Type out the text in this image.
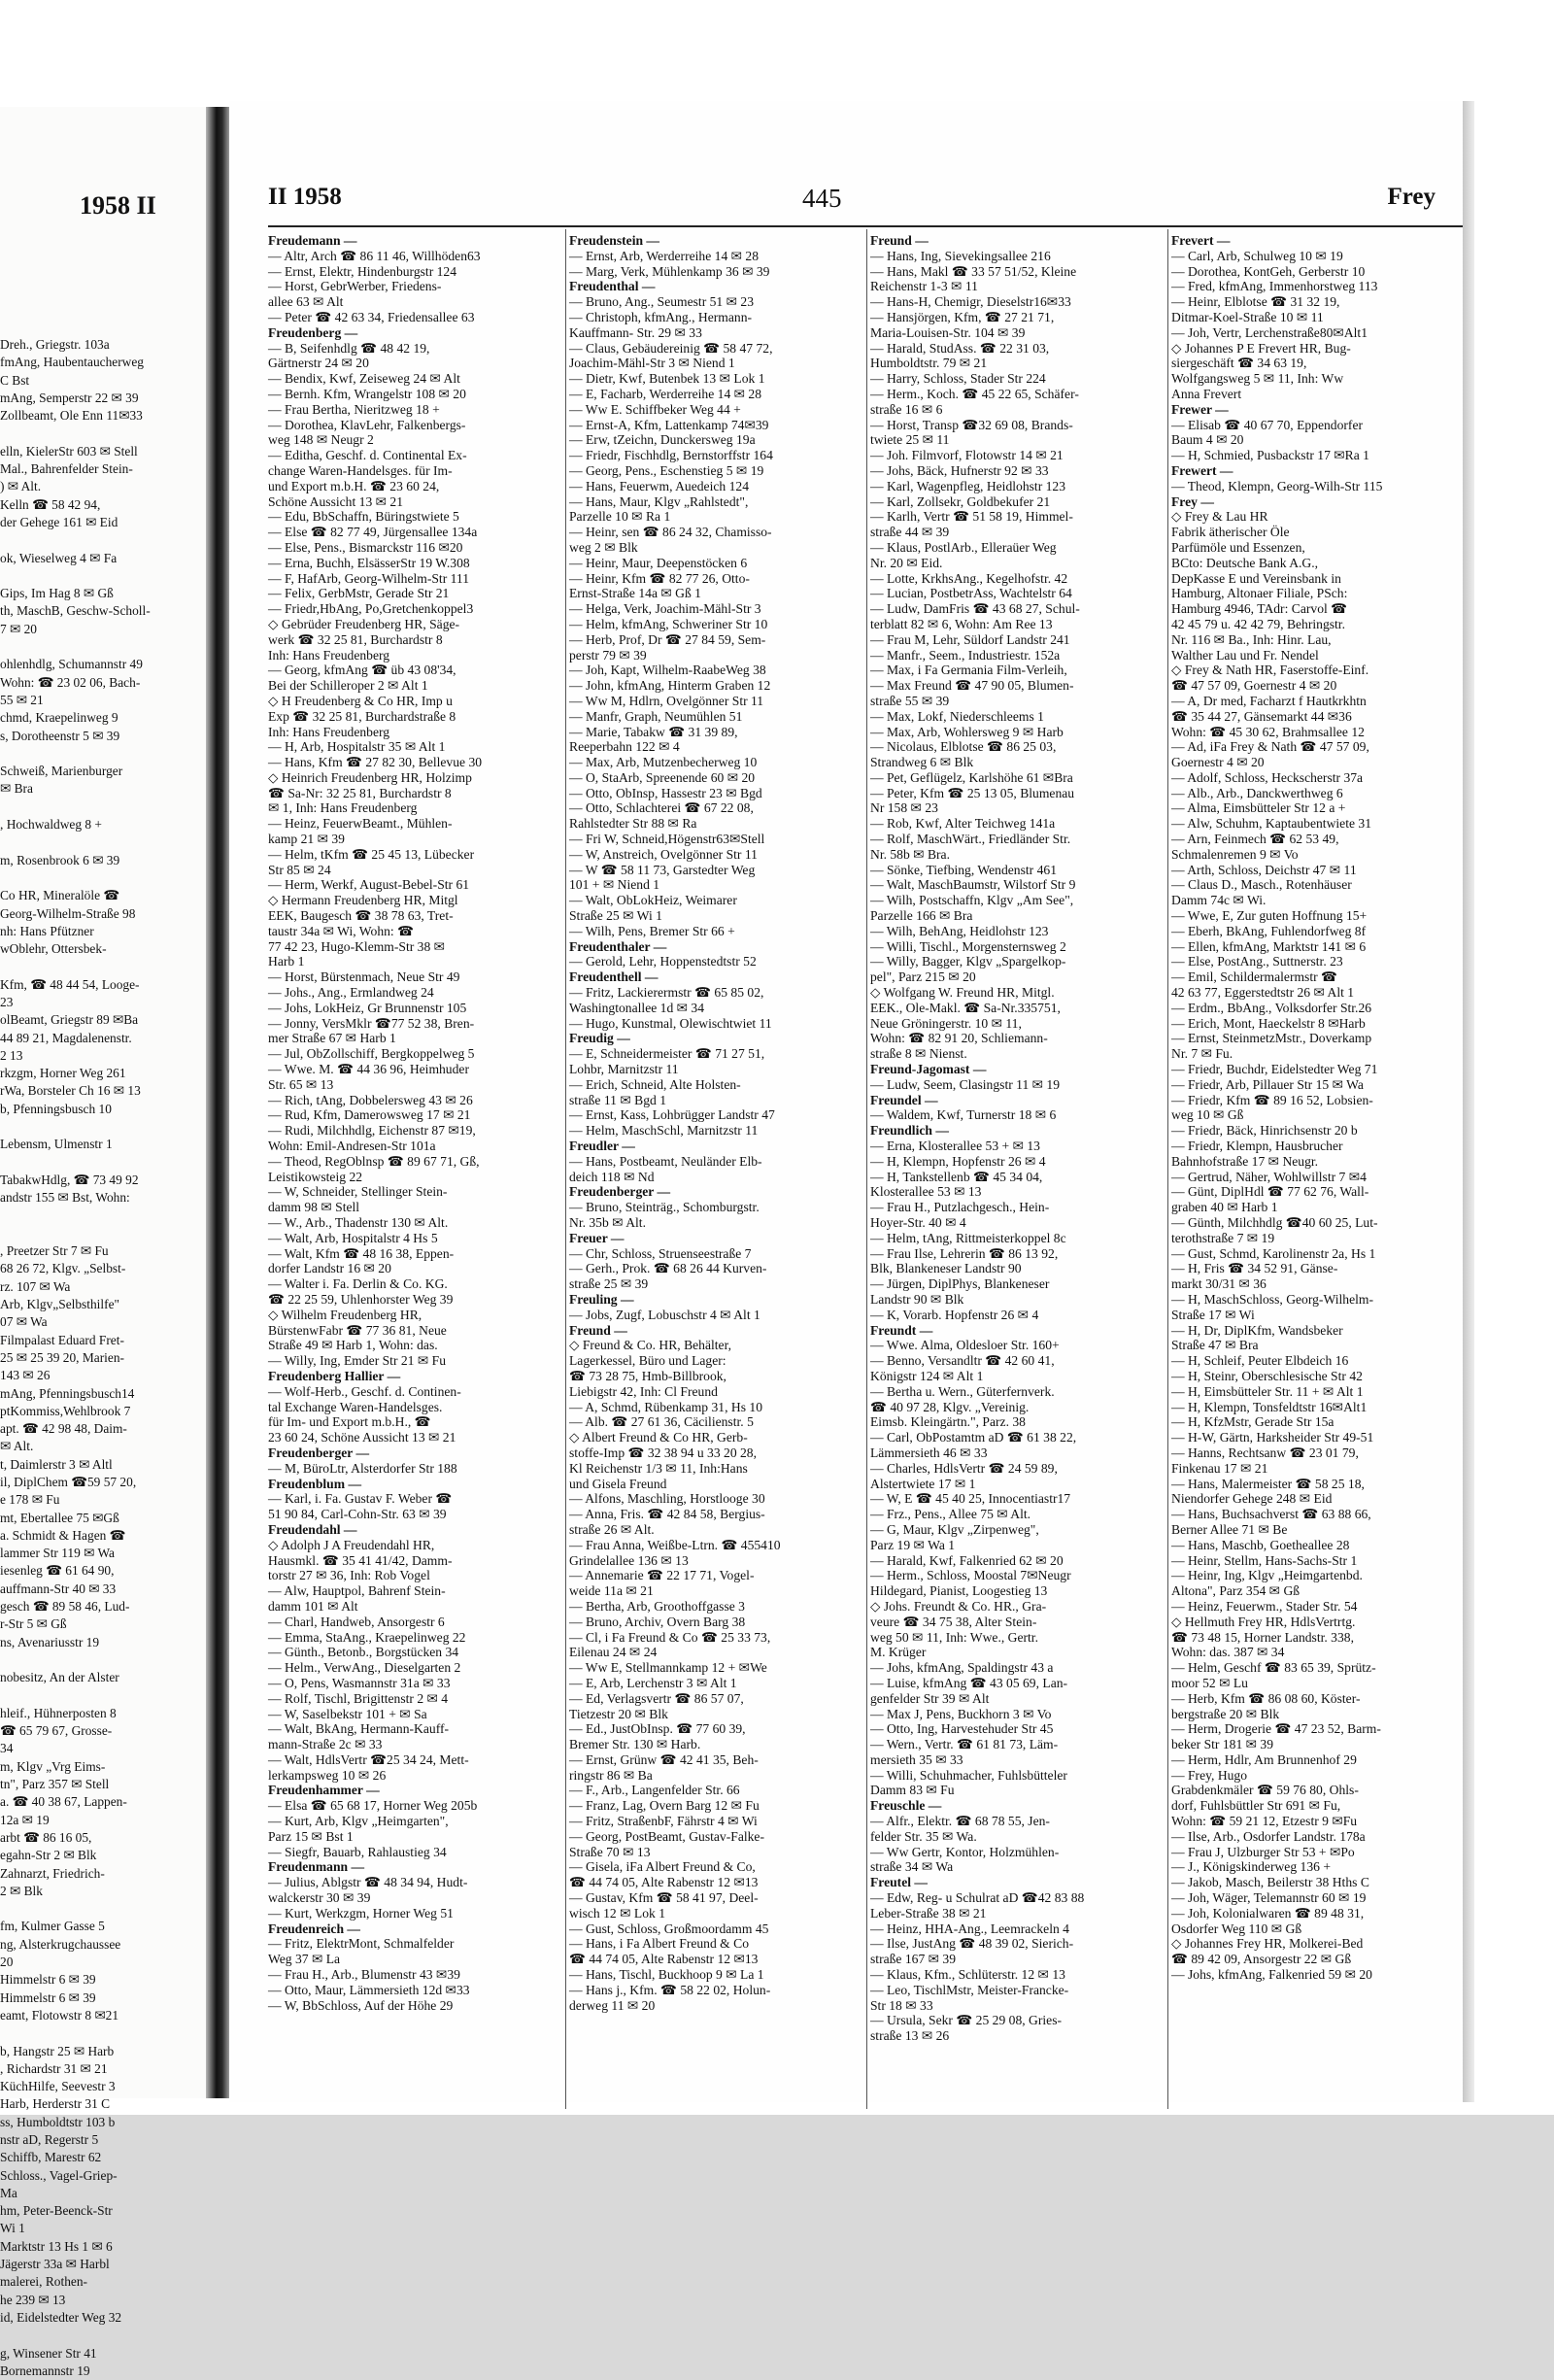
Dreh., Griegstr. 103a
fmAng, Haubentaucherweg
C Bst
mAng, Semperstr 22 ✉ 39
Zollbeamt, Ole Enn 11✉33
elln, KielerStr 603 ✉ Stell
Mal., Bahrenfelder Stein-
) ✉ Alt.
Kelln ☎ 58 42 94,
der Gehege 161 ✉ Eid
ok, Wieselweg 4 ✉ Fa
Gips, Im Hag 8 ✉ Gß
th, MaschB, Geschw-Scholl-
7 ✉ 20
ohlenhdlg, Schumannstr 49
Wohn: ☎ 23 02 06, Bach-
55 ✉ 21
chmd, Kraepelinweg 9
s, Dorotheenstr 5 ✉ 39
Schweiß, Marienburger
✉ Bra
, Hochwaldweg 8 +
m, Rosenbrook 6 ✉ 39
Co HR, Mineralöle ☎
Georg-Wilhelm-Straße 98
nh: Hans Pfützner
wOblehr, Ottersbek-
Kfm, ☎ 48 44 54, Looge-
23
olBeamt, Griegstr 89 ✉Ba
44 89 21, Magdalenenstr.
2 13
rkzgm, Horner Weg 261
rWa, Borsteler Ch 16 ✉ 13
b, Pfenningsbusch 10
Lebensm, Ulmenstr 1
TabakwHdlg, ☎ 73 49 92
andstr 155 ✉ Bst, Wohn:
, Preetzer Str 7 ✉ Fu
68 26 72, Klgv. „Selbst-
rz. 107 ✉ Wa
Arb, Klgv„Selbsthilfe"
07 ✉ Wa
Filmpalast Eduard Fret-
25 ✉ 25 39 20, Marien-
143 ✉ 26
mAng, Pfenningsbusch14
ptKommiss,Wehlbrook 7
apt. ☎ 42 98 48, Daim-
✉ Alt.
t, Daimlerstr 3 ✉ Altl
il, DiplChem ☎59 57 20,
e 178 ✉ Fu
mt, Ebertallee 75 ✉Gß
a. Schmidt & Hagen ☎
lammer Str 119 ✉ Wa
iesenleg ☎ 61 64 90,
auffmann-Str 40 ✉ 33
gesch ☎ 89 58 46, Lud-
r-Str 5 ✉ Gß
ns, Avenariusstr 19
nobesitz, An der Alster
hleif., Hühnerposten 8
☎ 65 79 67, Grosse-
34
m, Klgv „Vrg Eims-
tn", Parz 357 ✉ Stell
a. ☎ 40 38 67, Lappen-
12a ✉ 19
arbt ☎ 86 16 05,
egahn-Str 2 ✉ Blk
Zahnarzt, Friedrich-
2 ✉ Blk
fm, Kulmer Gasse 5
ng, Alsterkrugchaussee
20
Himmelstr 6 ✉ 39
Himmelstr 6 ✉ 39
eamt, Flotowstr 8 ✉21
b, Hangstr 25 ✉ Harb
, Richardstr 31 ✉ 21
KüchHilfe, Seevestr 3
Harb, Herderstr 31 C
ss, Humboldtstr 103 b
nstr aD, Regerstr 5
Schiffb, Marestr 62
Schloss., Vagel-Griep-
Ma
hm, Peter-Beenck-Str
Wi 1
Marktstr 13 Hs 1 ✉ 6
Jägerstr 33a ✉ Harbl
malerei, Rothen-
he 239 ✉ 13
id, Eidelstedter Weg 32
g, Winsener Str 41
Bornemannstr 19
1958 II	II 1958	445	Frey
Freudemann —
— Altr, Arch ☎ 86 11 46, Willhöden63
— Ernst, Elektr, Hindenburgstr 124
— Horst, GebrWerber, Friedens-
allee 63 ✉ Alt
— Peter ☎ 42 63 34, Friedensallee 63
Freudenberg —
— B, Seifenhdlg ☎ 48 42 19,
Gärtnerstr 24 ✉ 20
— Bendix, Kwf, Zeiseweg 24 ✉ Alt
— Bernh. Kfm, Wrangelstr 108 ✉ 20
— Frau Bertha, Nieritzweg 18 +
— Dorothea, KlavLehr, Falkenbergs-
weg 148 ✉ Neugr 2
— Editha, Geschf. d. Continental Ex-
change Waren-Handelsges. für Im-
und Export m.b.H. ☎ 23 60 24,
Schöne Aussicht 13 ✉ 21
— Edu, BbSchaffn, Büringstwiete 5
— Else ☎ 82 77 49, Jürgensallee 134a
— Else, Pens., Bismarckstr 116 ✉20
— Erna, Buchh, ElsässerStr 19 W.308
— F, HafArb, Georg-Wilhelm-Str 111
— Felix, GerbMstr, Gerade Str 21
— Friedr,HbAng, Po,Gretchenkoppel3
◇ Gebrüder Freudenberg HR, Säge-
werk ☎ 32 25 81, Burchardstr 8
Inh: Hans Freudenberg
— Georg, kfmAng ☎ üb 43 08'34,
Bei der Schilleroper 2 ✉ Alt 1
◇ H Freudenberg & Co HR, Imp u
Exp ☎ 32 25 81, Burchardstraße 8
Inh: Hans Freudenberg
— H, Arb, Hospitalstr 35 ✉ Alt 1
— Hans, Kfm ☎ 27 82 30, Bellevue 30
◇ Heinrich Freudenberg HR, Holzimp
☎ Sa-Nr: 32 25 81, Burchardstr 8
✉ 1, Inh: Hans Freudenberg
— Heinz, FeuerwBeamt., Mühlen-
kamp 21 ✉ 39
— Helm, tKfm ☎ 25 45 13, Lübecker
Str 85 ✉ 24
— Herm, Werkf, August-Bebel-Str 61
◇ Hermann Freudenberg HR, Mitgl
EEK, Baugesch ☎ 38 78 63, Tret-
taustr 34a ✉ Wi, Wohn: ☎
77 42 23, Hugo-Klemm-Str 38 ✉
Harb 1
— Horst, Bürstenmach, Neue Str 49
— Johs., Ang., Ermlandweg 24
— Johs, LokHeiz, Gr Brunnenstr 105
— Jonny, VersMklr ☎77 52 38, Bren-
mer Straße 67 ✉ Harb 1
— Jul, ObZollschiff, Bergkoppelweg 5
— Wwe. M. ☎ 44 36 96, Heimhuder
Str. 65 ✉ 13
— Rich, tAng, Dobbelersweg 43 ✉ 26
— Rud, Kfm, Damerowsweg 17 ✉ 21
— Rudi, Milchhdlg, Eichenstr 87 ✉19,
Wohn: Emil-Andresen-Str 101a
— Theod, RegOblnsp ☎ 89 67 71, Gß,
Leistikowsteig 22
— W, Schneider, Stellinger Stein-
damm 98 ✉ Stell
— W., Arb., Thadenstr 130 ✉ Alt.
— Walt, Arb, Hospitalstr 4 Hs 5
— Walt, Kfm ☎ 48 16 38, Eppen-
dorfer Landstr 16 ✉ 20
— Walter i. Fa. Derlin & Co. KG.
☎ 22 25 59, Uhlenhorster Weg 39
◇ Wilhelm Freudenberg HR,
BürstenwFabr ☎ 77 36 81, Neue
Straße 49 ✉ Harb 1, Wohn: das.
— Willy, Ing, Emder Str 21 ✉ Fu
Freudenberg Hallier —
— Wolf-Herb., Geschf. d. Continen-
tal Exchange Waren-Handelsges.
für Im- und Export m.b.H., ☎
23 60 24, Schöne Aussicht 13 ✉ 21
Freudenberger —
— M, BüroLtr, Alsterdorfer Str 188
Freudenblum —
— Karl, i. Fa. Gustav F. Weber ☎
51 90 84, Carl-Cohn-Str. 63 ✉ 39
Freudendahl —
◇ Adolph J A Freudendahl HR,
Hausmkl. ☎ 35 41 41/42, Damm-
torstr 27 ✉ 36, Inh: Rob Vogel
— Alw, Hauptpol, Bahrenf Stein-
damm 101 ✉ Alt
— Charl, Handweb, Ansorgestr 6
— Emma, StaAng., Kraepelinweg 22
— Günth., Betonb., Borgstücken 34
— Helm., VerwAng., Dieselgarten 2
— O, Pens, Wasmannstr 31a ✉ 33
— Rolf, Tischl, Brigittenstr 2 ✉ 4
— W, Saselbekstr 101 + ✉ Sa
— Walt, BkAng, Hermann-Kauff-
mann-Straße 2c ✉ 33
— Walt, HdlsVertr ☎25 34 24, Mett-
lerkampsweg 10 ✉ 26
Freudenhammer —
— Elsa ☎ 65 68 17, Horner Weg 205b
— Kurt, Arb, Klgv „Heimgarten",
Parz 15 ✉ Bst 1
— Siegfr, Bauarb, Rahlaustieg 34
Freudenmann —
— Julius, Ablgstr ☎ 48 34 94, Hudt-
walckerstr 30 ✉ 39
— Kurt, Werkzgm, Horner Weg 51
Freudenreich —
— Fritz, ElektrMont, Schmalfelder
Weg 37 ✉ La
— Frau H., Arb., Blumenstr 43 ✉39
— Otto, Maur, Lämmersieth 12d ✉33
— W, BbSchloss, Auf der Höhe 29
Freudenstein —
— Ernst, Arb, Werderreihe 14 ✉ 28
— Marg, Verk, Mühlenkamp 36 ✉ 39
Freudenthal —
— Bruno, Ang., Seumestr 51 ✉ 23
— Christoph, kfmAng., Hermann-
Kauffmann- Str. 29 ✉ 33
— Claus, Gebäudereinig ☎ 58 47 72,
Joachim-Mähl-Str 3 ✉ Niend 1
— Dietr, Kwf, Butenbek 13 ✉ Lok 1
— E, Facharb, Werderreihe 14 ✉ 28
— Ww E. Schiffbeker Weg 44 +
— Ernst-A, Kfm, Lattenkamp 74✉39
— Erw, tZeichn, Dunckersweg 19a
— Friedr, Fischhdlg, Bernstorffstr 164
— Georg, Pens., Eschenstieg 5 ✉ 19
— Hans, Feuerwm, Auedeich 124
— Hans, Maur, Klgv „Rahlstedt",
Parzelle 10 ✉ Ra 1
— Heinr, sen ☎ 86 24 32, Chamisso-
weg 2 ✉ Blk
— Heinr, Maur, Deepenstöcken 6
— Heinr, Kfm ☎ 82 77 26, Otto-
Ernst-Straße 14a ✉ Gß 1
— Helga, Verk, Joachim-Mähl-Str 3
— Helm, kfmAng, Schweriner Str 10
— Herb, Prof, Dr ☎ 27 84 59, Sem-
perstr 79 ✉ 39
— Joh, Kapt, Wilhelm-RaabeWeg 38
— John, kfmAng, Hinterm Graben 12
— Ww M, Hdlrn, Ovelgönner Str 11
— Manfr, Graph, Neumühlen 51
— Marie, Tabakw ☎ 31 39 89,
Reeperbahn 122 ✉ 4
— Max, Arb, Mutzenbecherweg 10
— O, StaArb, Spreenende 60 ✉ 20
— Otto, ObInsp, Hassestr 23 ✉ Bgd
— Otto, Schlachterei ☎ 67 22 08,
Rahlstedter Str 88 ✉ Ra
— Fri W, Schneid,Högenstr63✉Stell
— W, Anstreich, Ovelgönner Str 11
— W ☎ 58 11 73, Garstedter Weg
101 + ✉ Niend 1
— Walt, ObLokHeiz, Weimarer
Straße 25 ✉ Wi 1
— Wilh, Pens, Bremer Str 66 +
Freudenthaler —
— Gerold, Lehr, Hoppenstedtstr 52
Freudenthell —
— Fritz, Lackierermstr ☎ 65 85 02,
Washingtonallee 1d ✉ 34
— Hugo, Kunstmal, Olewischtwiet 11
Freudig —
— E, Schneidermeister ☎ 71 27 51,
Lohbr, Marnitzstr 11
— Erich, Schneid, Alte Holsten-
straße 11 ✉ Bgd 1
— Ernst, Kass, Lohbrügger Landstr 47
— Helm, MaschSchl, Marnitzstr 11
Freudler —
— Hans, Postbeamt, Neuländer Elb-
deich 118 ✉ Nd
Freudenberger —
— Bruno, Steinträg., Schomburgstr.
Nr. 35b ✉ Alt.
Freuer —
— Chr, Schloss, Struenseestraße 7
— Gerh., Prok. ☎ 68 26 44 Kurven-
straße 25 ✉ 39
Freuling —
— Jobs, Zugf, Lobuschstr 4 ✉ Alt 1
Freund —
◇ Freund & Co. HR, Behälter,
Lagerkessel, Büro und Lager:
☎ 73 28 75, Hmb-Billbrook,
Liebigstr 42, Inh: Cl Freund
— A, Schmd, Rübenkamp 31, Hs 10
— Alb. ☎ 27 61 36, Cäcilienstr. 5
◇ Albert Freund & Co HR, Gerb-
stoffe-Imp ☎ 32 38 94 u 33 20 28,
Kl Reichenstr 1/3 ✉ 11, Inh:Hans
und Gisela Freund
— Alfons, Maschling, Horstlooge 30
— Anna, Fris. ☎ 42 84 58, Bergius-
straße 26 ✉ Alt.
— Frau Anna, Weißbe-Ltrn. ☎ 455410
Grindelallee 136 ✉ 13
— Annemarie ☎ 22 17 71, Vogel-
weide 11a ✉ 21
— Bertha, Arb, Groothoffgasse 3
— Bruno, Archiv, Overn Barg 38
— Cl, i Fa Freund & Co ☎ 25 33 73,
Eilenau 24 ✉ 24
— Ww E, Stellmannkamp 12 + ✉We
— E, Arb, Lerchenstr 3 ✉ Alt 1
— Ed, Verlagsvertr ☎ 86 57 07,
Tietzestr 20 ✉ Blk
— Ed., JustObInsp. ☎ 77 60 39,
Bremer Str. 130 ✉ Harb.
— Ernst, Grünw ☎ 42 41 35, Beh-
ringstr 86 ✉ Ba
— F., Arb., Langenfelder Str. 66
— Franz, Lag, Overn Barg 12 ✉ Fu
— Fritz, StraßenbF, Fährstr 4 ✉ Wi
— Georg, PostBeamt, Gustav-Falke-
Straße 70 ✉ 13
— Gisela, iFa Albert Freund & Co,
☎ 44 74 05, Alte Rabenstr 12 ✉13
— Gustav, Kfm ☎ 58 41 97, Deel-
wisch 12 ✉ Lok 1
— Gust, Schloss, Großmoordamm 45
— Hans, i Fa Albert Freund & Co
☎ 44 74 05, Alte Rabenstr 12 ✉13
— Hans, Tischl, Buckhoop 9 ✉ La 1
— Hans j., Kfm. ☎ 58 22 02, Holun-
derweg 11 ✉ 20
Freund —
— Hans, Ing, Sievekingsallee 216
— Hans, Makl ☎ 33 57 51/52, Kleine
Reichenstr 1-3 ✉ 11
— Hans-H, Chemigr, Dieselstr16✉33
— Hansjörgen, Kfm, ☎ 27 21 71,
Maria-Louisen-Str. 104 ✉ 39
— Harald, StudAss. ☎ 22 31 03,
Humboldtstr. 79 ✉ 21
— Harry, Schloss, Stader Str 224
— Herm., Koch. ☎ 45 22 65, Schäfer-
straße 16 ✉ 6
— Horst, Transp ☎32 69 08, Brands-
twiete 25 ✉ 11
— Joh. Filmvorf, Flotowstr 14 ✉ 21
— Johs, Bäck, Hufnerstr 92 ✉ 33
— Karl, Wagenpfleg, Heidlohstr 123
— Karl, Zollsekr, Goldbekufer 21
— Karlh, Vertr ☎ 51 58 19, Himmel-
straße 44 ✉ 39
— Klaus, PostlArb., Elleraüer Weg
Nr. 20 ✉ Eid.
— Lotte, KrkhsAng., Kegelhofstr. 42
— Lucian, PostbetrAss, Wachtelstr 64
— Ludw, DamFris ☎ 43 68 27, Schul-
terblatt 82 ✉ 6, Wohn: Am Ree 13
— Frau M, Lehr, Süldorf Landstr 241
— Manfr., Seem., Industriestr. 152a
— Max, i Fa Germania Film-Verleih,
— Max Freund ☎ 47 90 05, Blumen-
straße 55 ✉ 39
— Max, Lokf, Niederschleems 1
— Max, Arb, Wohlersweg 9 ✉ Harb
— Nicolaus, Elblotse ☎ 86 25 03,
Strandweg 6 ✉ Blk
— Pet, Geflügelz, Karlshöhe 61 ✉Bra
— Peter, Kfm ☎ 25 13 05, Blumenau
Nr 158 ✉ 23
— Rob, Kwf, Alter Teichweg 141a
— Rolf, MaschWärt., Friedländer Str.
Nr. 58b ✉ Bra.
— Sönke, Tiefbing, Wendenstr 461
— Walt, MaschBaumstr, Wilstorf Str 9
— Wilh, Postschaffn, Klgv „Am See",
Parzelle 166 ✉ Bra
— Wilh, BehAng, Heidlohstr 123
— Willi, Tischl., Morgensternsweg 2
— Willy, Bagger, Klgv „Spargelkop-
pel", Parz 215 ✉ 20
◇ Wolfgang W. Freund HR, Mitgl.
EEK., Ole-Makl. ☎ Sa-Nr.335751,
Neue Gröningerstr. 10 ✉ 11,
Wohn: ☎ 82 91 20, Schliemann-
straße 8 ✉ Nienst.
Freund-Jagomast —
— Ludw, Seem, Clasingstr 11 ✉ 19
Freundel —
— Waldem, Kwf, Turnerstr 18 ✉ 6
Freundlich —
— Erna, Klosterallee 53 + ✉ 13
— H, Klempn, Hopfenstr 26 ✉ 4
— H, Tankstellenb ☎ 45 34 04,
Klosterallee 53 ✉ 13
— Frau H., Putzlachgesch., Hein-
Hoyer-Str. 40 ✉ 4
— Helm, tAng, Rittmeisterkoppel 8c
— Frau Ilse, Lehrerin ☎ 86 13 92,
Blk, Blankeneser Landstr 90
— Jürgen, DiplPhys, Blankeneser
Landstr 90 ✉ Blk
— K, Vorarb. Hopfenstr 26 ✉ 4
Freundt —
— Wwe. Alma, Oldesloer Str. 160+
— Benno, Versandltr ☎ 42 60 41,
Königstr 124 ✉ Alt 1
— Bertha u. Wern., Güterfernverk.
☎ 40 97 28, Klgv. „Vereinig.
Eimsb. Kleingärtn.", Parz. 38
— Carl, ObPostamtm aD ☎ 61 38 22,
Lämmersieth 46 ✉ 33
— Charles, HdlsVertr ☎ 24 59 89,
Alstertwiete 17 ✉ 1
— W, E ☎ 45 40 25, Innocentiastr17
— Frz., Pens., Allee 75 ✉ Alt.
— G, Maur, Klgv „Zirpenweg",
Parz 19 ✉ Wa 1
— Harald, Kwf, Falkenried 62 ✉ 20
— Herm., Schloss, Moostal 7✉Neugr
Hildegard, Pianist, Loogestieg 13
◇ Johs. Freundt & Co. HR., Gra-
veure ☎ 34 75 38, Alter Stein-
weg 50 ✉ 11, Inh: Wwe., Gertr.
M. Krüger
— Johs, kfmAng, Spaldingstr 43 a
— Luise, kfmAng ☎ 43 05 69, Lan-
genfelder Str 39 ✉ Alt
— Max J, Pens, Buckhorn 3 ✉ Vo
— Otto, Ing, Harvestehuder Str 45
— Wern., Vertr. ☎ 61 81 73, Läm-
mersieth 35 ✉ 33
— Willi, Schuhmacher, Fuhlsbütteler
Damm 83 ✉ Fu
Freuschle —
— Alfr., Elektr. ☎ 68 78 55, Jen-
felder Str. 35 ✉ Wa.
— Ww Gertr, Kontor, Holzmühlen-
straße 34 ✉ Wa
Freutel —
— Edw, Reg- u Schulrat aD ☎42 83 88
Leber-Straße 38 ✉ 21
— Heinz, HHA-Ang., Leemrackeln 4
— Ilse, JustAng ☎ 48 39 02, Sierich-
straße 167 ✉ 39
— Klaus, Kfm., Schlüterstr. 12 ✉ 13
— Leo, TischlMstr, Meister-Francke-
Str 18 ✉ 33
— Ursula, Sekr ☎ 25 29 08, Gries-
straße 13 ✉ 26
Frevert —
— Carl, Arb, Schulweg 10 ✉ 19
— Dorothea, KontGeh, Gerberstr 10
— Fred, kfmAng, Immenhorstweg 113
— Heinr, Elblotse ☎ 31 32 19,
Ditmar-Koel-Straße 10 ✉ 11
— Joh, Vertr, Lerchenstraße80✉Alt1
◇ Johannes P E Frevert HR, Bug-
siergeschäft ☎ 34 63 19,
Wolfgangsweg 5 ✉ 11, Inh: Ww
Anna Frevert
Frewer —
— Elisab ☎ 40 67 70, Eppendorfer
Baum 4 ✉ 20
— H, Schmied, Pusbackstr 17 ✉Ra 1
Frewert —
— Theod, Klempn, Georg-Wilh-Str 115
Frey —
◇ Frey & Lau HR
Fabrik ätherischer Öle
Parfümöle und Essenzen,
BCto: Deutsche Bank A.G.,
DepKasse E und Vereinsbank in
Hamburg, Altonaer Filiale, PSch:
Hamburg 4946, TAdr: Carvol ☎
42 45 79 u. 42 42 79, Behringstr.
Nr. 116 ✉ Ba., Inh: Hinr. Lau,
Walther Lau und Fr. Nendel
◇ Frey & Nath HR, Faserstoffe-Einf.
☎ 47 57 09, Goernestr 4 ✉ 20
— A, Dr med, Facharzt f Hautkrkhtn
☎ 35 44 27, Gänsemarkt 44 ✉36
Wohn: ☎ 45 30 62, Brahmsallee 12
— Ad, iFa Frey & Nath ☎ 47 57 09,
Goernestr 4 ✉ 20
— Adolf, Schloss, Heckscherstr 37a
— Alb., Arb., Danckwerthweg 6
— Alma, Eimsbütteler Str 12 a +
— Alw, Schuhm, Kaptaubentwiete 31
— Arn, Feinmech ☎ 62 53 49,
Schmalenremen 9 ✉ Vo
— Arth, Schloss, Deichstr 47 ✉ 11
— Claus D., Masch., Rotenhäuser
Damm 74c ✉ Wi.
— Wwe, E, Zur guten Hoffnung 15+
— Eberh, BkAng, Fuhlendorfweg 8f
— Ellen, kfmAng, Marktstr 141 ✉ 6
— Else, PostAng., Suttnerstr. 23
— Emil, Schildermalermstr ☎
42 63 77, Eggerstedtstr 26 ✉ Alt 1
— Erdm., BbAng., Volksdorfer Str.26
— Erich, Mont, Haeckelstr 8 ✉Harb
— Ernst, SteinmetzMstr., Doverkamp
Nr. 7 ✉ Fu.
— Friedr, Buchdr, Eidelstedter Weg 71
— Friedr, Arb, Pillauer Str 15 ✉ Wa
— Friedr, Kfm ☎ 89 16 52, Lobsien-
weg 10 ✉ Gß
— Friedr, Bäck, Hinrichsenstr 20 b
— Friedr, Klempn, Hausbrucher
Bahnhofstraße 17 ✉ Neugr.
— Gertrud, Näher, Wohlwillstr 7 ✉4
— Günt, DiplHdl ☎ 77 62 76, Wall-
graben 40 ✉ Harb 1
— Günth, Milchhdlg ☎40 60 25, Lut-
terothstraße 7 ✉ 19
— Gust, Schmd, Karolinenstr 2a, Hs 1
— H, Fris ☎ 34 52 91, Gänse-
markt 30/31 ✉ 36
— H, MaschSchloss, Georg-Wilhelm-
Straße 17 ✉ Wi
— H, Dr, DiplKfm, Wandsbeker
Straße 47 ✉ Bra
— H, Schleif, Peuter Elbdeich 16
— H, Steinr, Oberschlesische Str 42
— H, Eimsbütteler Str. 11 + ✉ Alt 1
— H, Klempn, Tonsfeldtstr 16✉Alt1
— H, KfzMstr, Gerade Str 15a
— H-W, Gärtn, Harksheider Str 49-51
— Hanns, Rechtsanw ☎ 23 01 79,
Finkenau 17 ✉ 21
— Hans, Malermeister ☎ 58 25 18,
Niendorfer Gehege 248 ✉ Eid
— Hans, Buchsachverst ☎ 63 88 66,
Berner Allee 71 ✉ Be
— Hans, Maschb, Goetheallee 28
— Heinr, Stellm, Hans-Sachs-Str 1
— Heinr, Ing, Klgv „Heimgartenbd.
Altona", Parz 354 ✉ Gß
— Heinz, Feuerwm., Stader Str. 54
◇ Hellmuth Frey HR, HdlsVertrtg.
☎ 73 48 15, Horner Landstr. 338,
Wohn: das. 387 ✉ 34
— Helm, Geschf ☎ 83 65 39, Sprütz-
moor 52 ✉ Lu
— Herb, Kfm ☎ 86 08 60, Köster-
bergstraße 20 ✉ Blk
— Herm, Drogerie ☎ 47 23 52, Barm-
beker Str 181 ✉ 39
— Herm, Hdlr, Am Brunnenhof 29
— Frey, Hugo
Grabdenkmäler ☎ 59 76 80, Ohls-
dorf, Fuhlsbüttler Str 691 ✉ Fu,
Wohn: ☎ 59 21 12, Etzestr 9 ✉Fu
— Ilse, Arb., Osdorfer Landstr. 178a
— Frau J, Ulzburger Str 53 + ✉Po
— J., Königskinderweg 136 +
— Jakob, Masch, Beilerstr 38 Hths C
— Joh, Wäger, Telemannstr 60 ✉ 19
— Joh, Kolonialwaren ☎ 89 48 31,
Osdorfer Weg 110 ✉ Gß
◇ Johannes Frey HR, Molkerei-Bed
☎ 89 42 09, Ansorgestr 22 ✉ Gß
— Johs, kfmAng, Falkenried 59 ✉ 20
